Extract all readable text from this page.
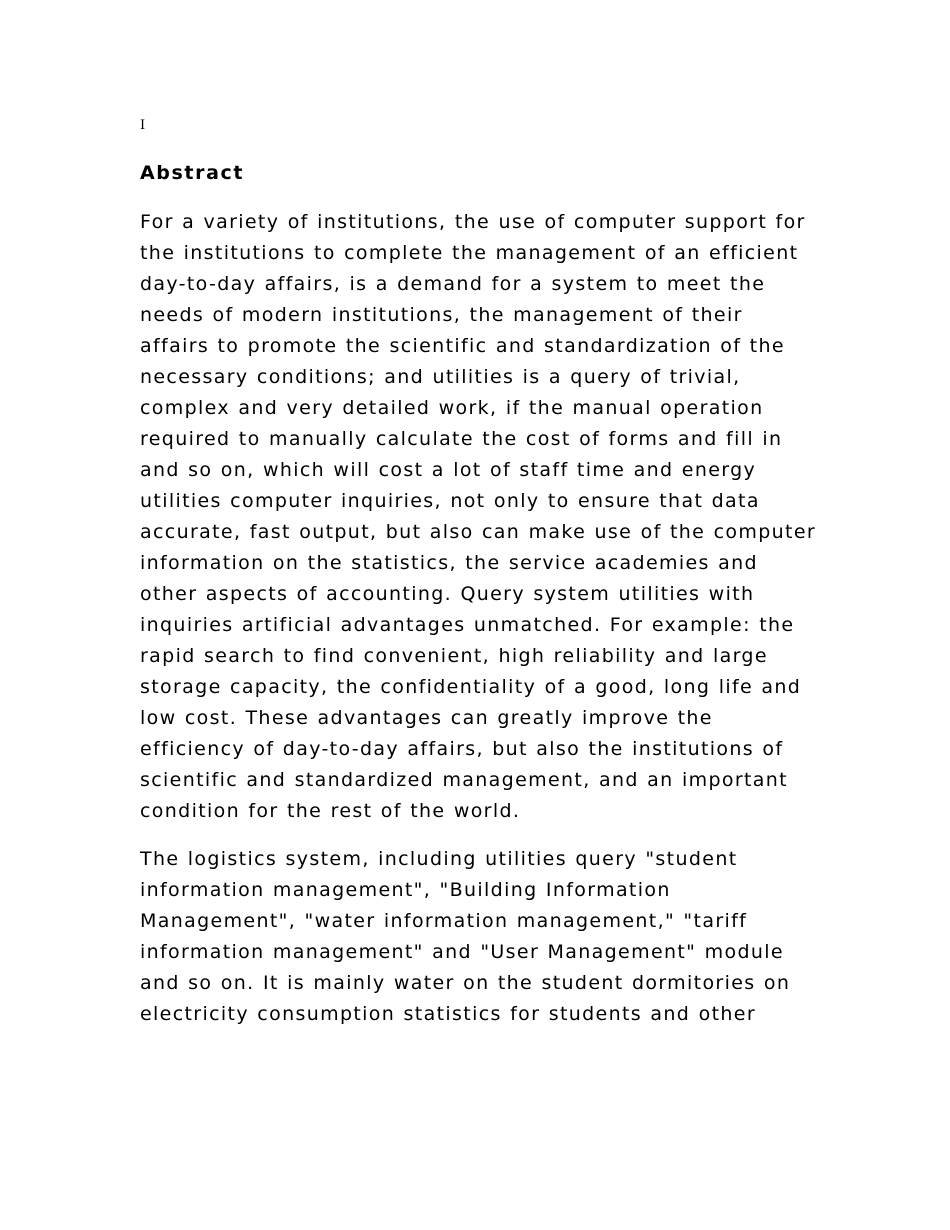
I
Abstract

For a variety of institutions, the use of computer support for the institutions to complete the management of an efficient day-to-day affairs, is a demand for a system to meet the needs of modern institutions, the management of their affairs to promote the scientific and standardization of the necessary conditions; and utilities is a query of trivial, complex and very detailed work, if the manual operation required to manually calculate the cost of forms and fill in and so on, which will cost a lot of staff time and energy utilities computer inquiries, not only to ensure that data accurate, fast output, but also can make use of the computer information on the statistics, the service academies and other aspects of accounting. Query system utilities with inquiries artificial advantages unmatched. For example: the rapid search to find convenient, high reliability and large storage capacity, the confidentiality of a good, long life and low cost. These advantages can greatly improve the efficiency of day-to-day affairs, but also the institutions of scientific and standardized management, and an important condition for the rest of the world.

The logistics system, including utilities query "student information management", "Building Information Management", "water information management," "tariff information management" and "User Management" module and so on. It is mainly water on the student dormitories on electricity consumption statistics for students and other
